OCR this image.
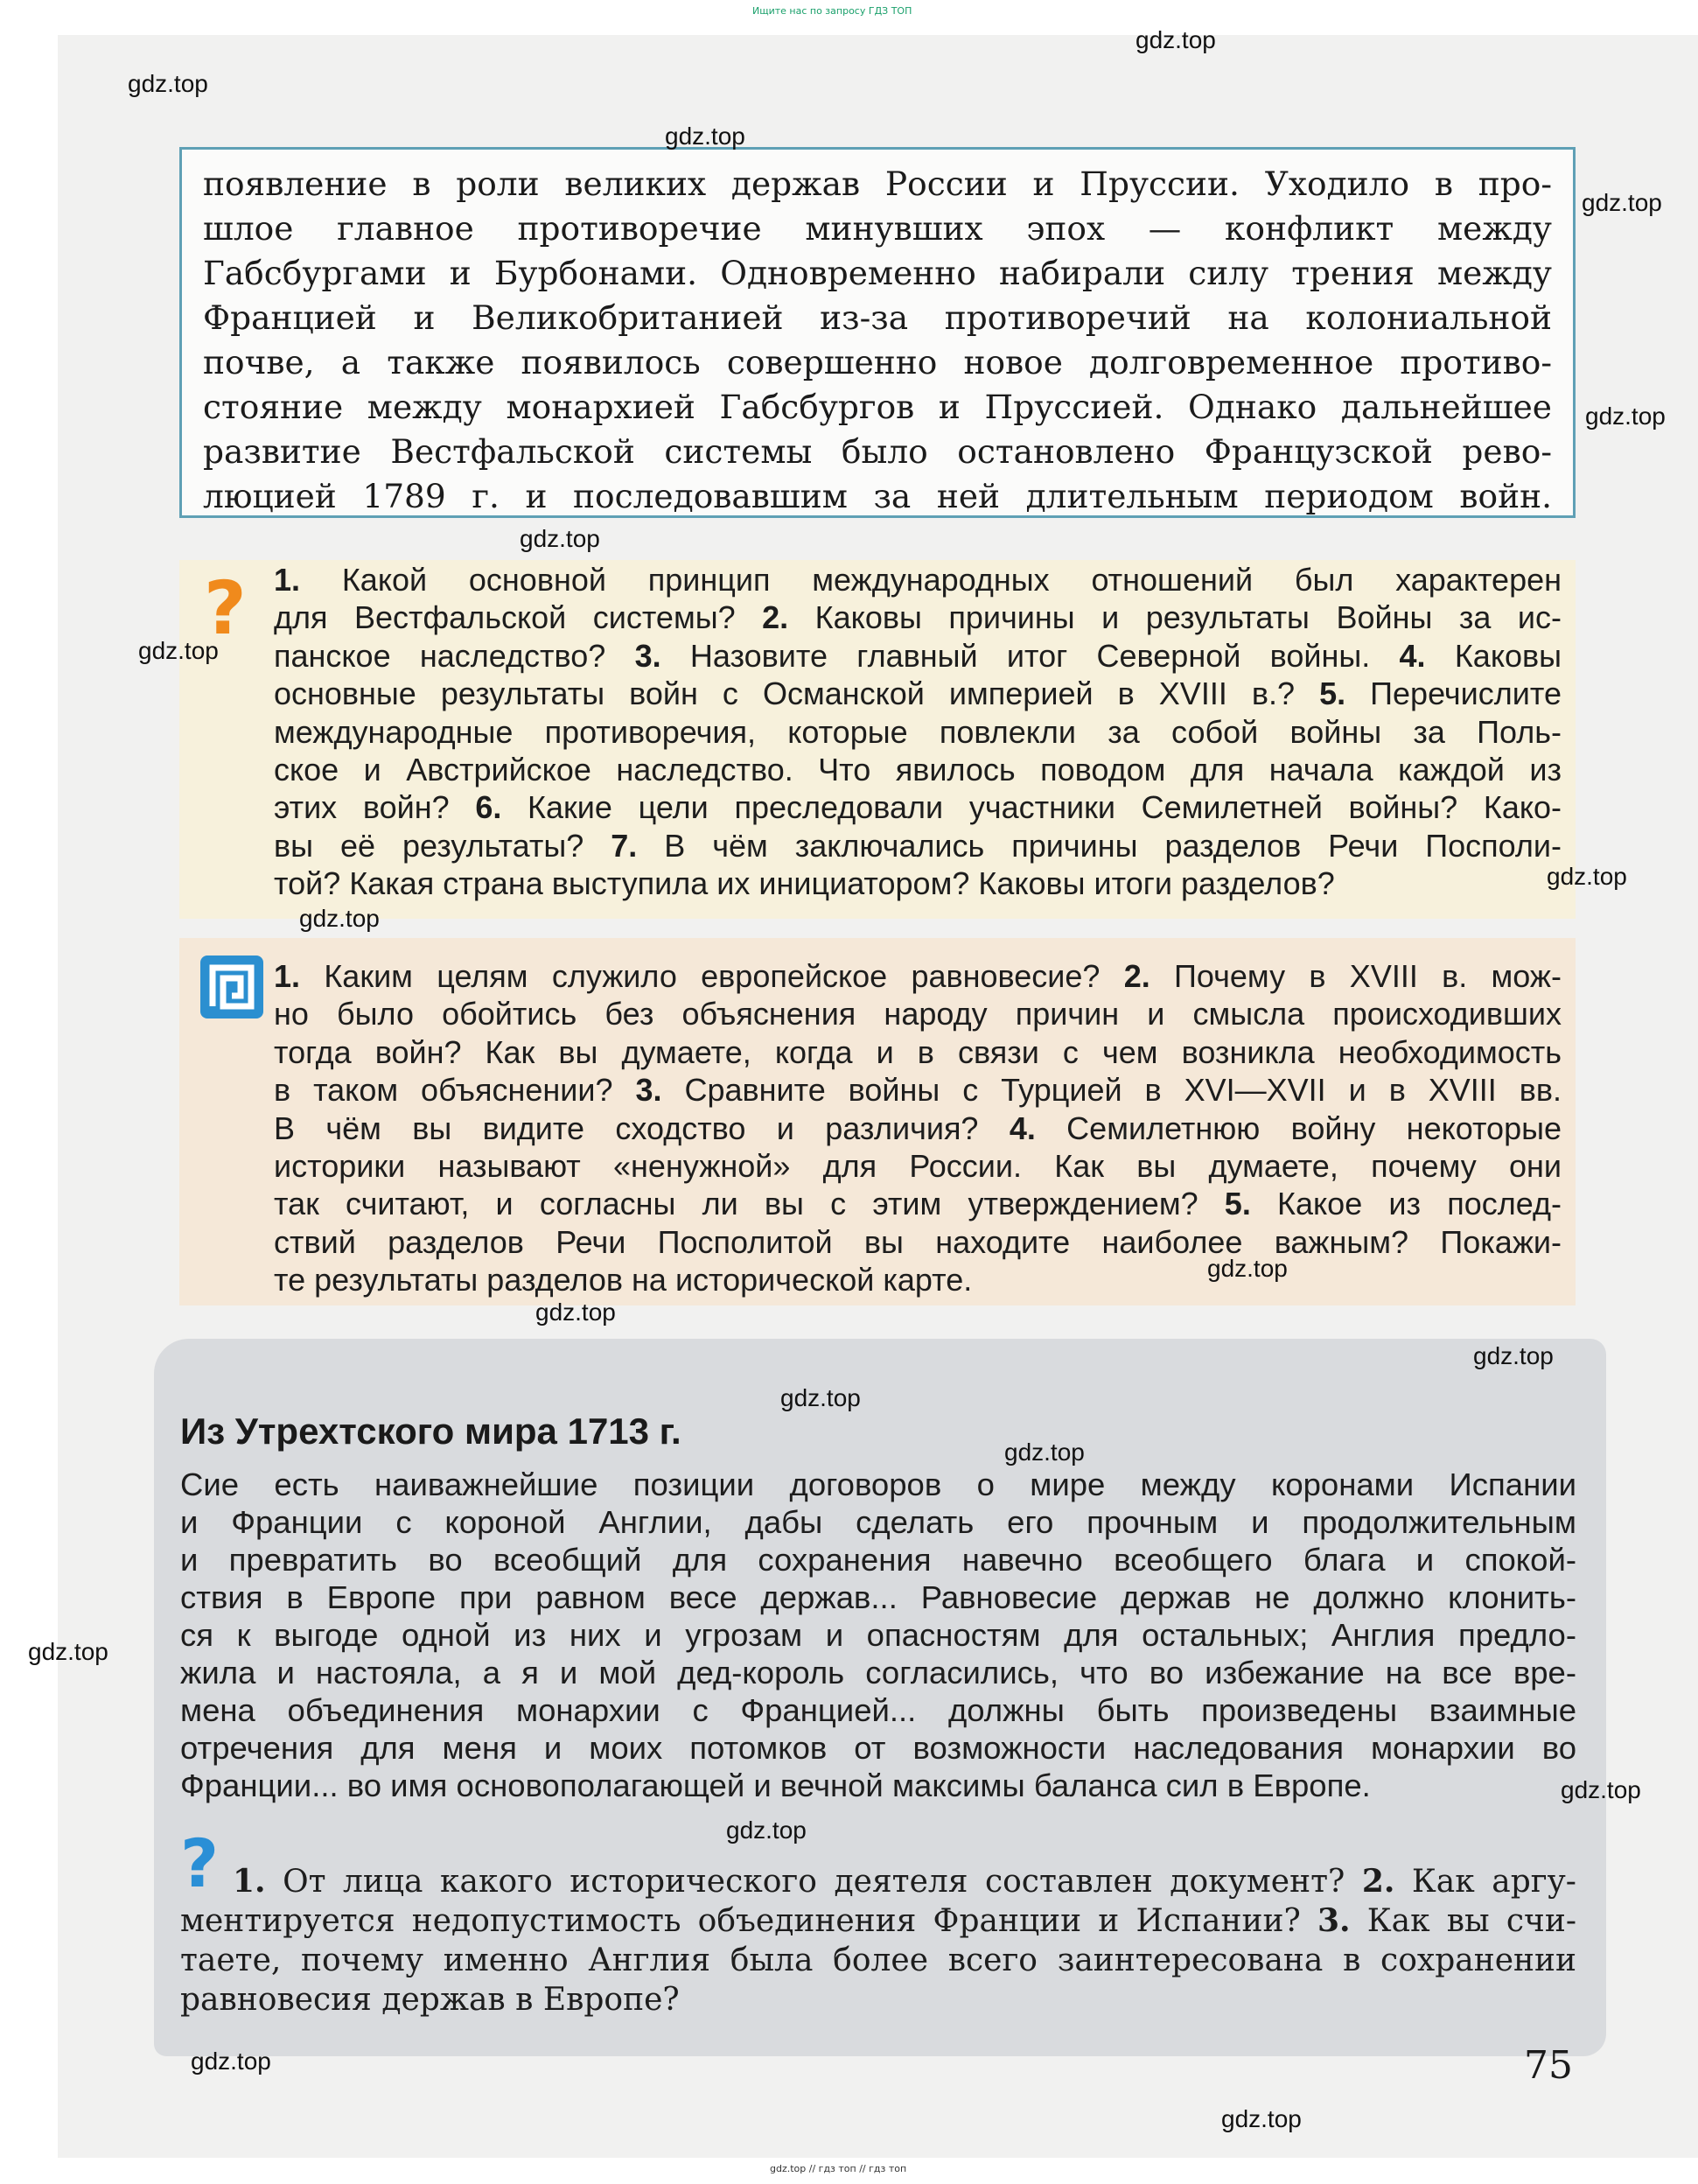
Ищите нас по запросу ГДЗ ТОП

появление в роли великих держав России и Пруссии. Уходило в про-
шлое главное противоречие минувших эпох — конфликт между
Габсбургами и Бурбонами. Одновременно набирали силу трения между
Францией и Великобританией из-за противоречий на колониальной
почве, а также появилось совершенно новое долговременное противо-
стояние между монархией Габсбургов и Пруссией. Однако дальнейшее
развитие Вестфальской системы было остановлено Французской рево-
люцией 1789 г. и последовавшим за ней длительным периодом войн.

? 1. Какой основной принцип международных отношений был характерен
для Вестфальской системы? 2. Каковы причины и результаты Войны за ис-
панское наследство? 3. Назовите главный итог Северной войны. 4. Каковы
основные результаты войн с Османской империей в XVIII в.? 5. Перечислите
международные противоречия, которые повлекли за собой войны за Поль-
ское и Австрийское наследство. Что явилось поводом для начала каждой из
этих войн? 6. Какие цели преследовали участники Семилетней войны? Како-
вы её результаты? 7. В чём заключались причины разделов Речи Посполи-
той? Какая страна выступила их инициатором? Каковы итоги разделов?
1. Каким целям служило европейское равновесие? 2. Почему в XVIII в. мож-
но было обойтись без объяснения народу причин и смысла происходивших
тогда войн? Как вы думаете, когда и в связи с чем возникла необходимость
в таком объяснении? 3. Сравните войны с Турцией в XVI—XVII и в XVIII вв.
В чём вы видите сходство и различия? 4. Семилетнюю войну некоторые
историки называют «ненужной» для России. Как вы думаете, почему они
так считают, и согласны ли вы с этим утверждением? 5. Какое из послед-
ствий разделов Речи Посполитой вы находите наиболее важным? Покажи-
те результаты разделов на исторической карте.
Из Утрехтского мира 1713 г.
Сие есть наиважнейшие позиции договоров о мире между коронами Испании
и Франции с короной Англии, дабы сделать его прочным и продолжительным
и превратить во всеобщий для сохранения навечно всеобщего блага и спокой-
ствия в Европе при равном весе держав... Равновесие держав не должно клонить-
ся к выгоде одной из них и угрозам и опасностям для остальных; Англия предло-
жила и настояла, а я и мой дед-король согласились, что во избежание на все вре-
мена объединения монархии с Францией... должны быть произведены взаимные
отречения для меня и моих потомков от возможности наследования монархии во
Франции... во имя основополагающей и вечной максимы баланса сил в Европе.
? 1. От лица какого исторического деятеля составлен документ? 2. Как аргу-
ментируется недопустимость объединения Франции и Испании? 3. Как вы счи-
таете, почему именно Англия была более всего заинтересована в сохранении
равновесия держав в Европе?
75
gdz.top // гдз топ // гдз топ
gdz.top
gdz.top
gdz.top
gdz.top
gdz.top
gdz.top
gdz.top
gdz.top
gdz.top
gdz.top
gdz.top
gdz.top
gdz.top
gdz.top
gdz.top
gdz.top
gdz.top
gdz.top
gdz.top
